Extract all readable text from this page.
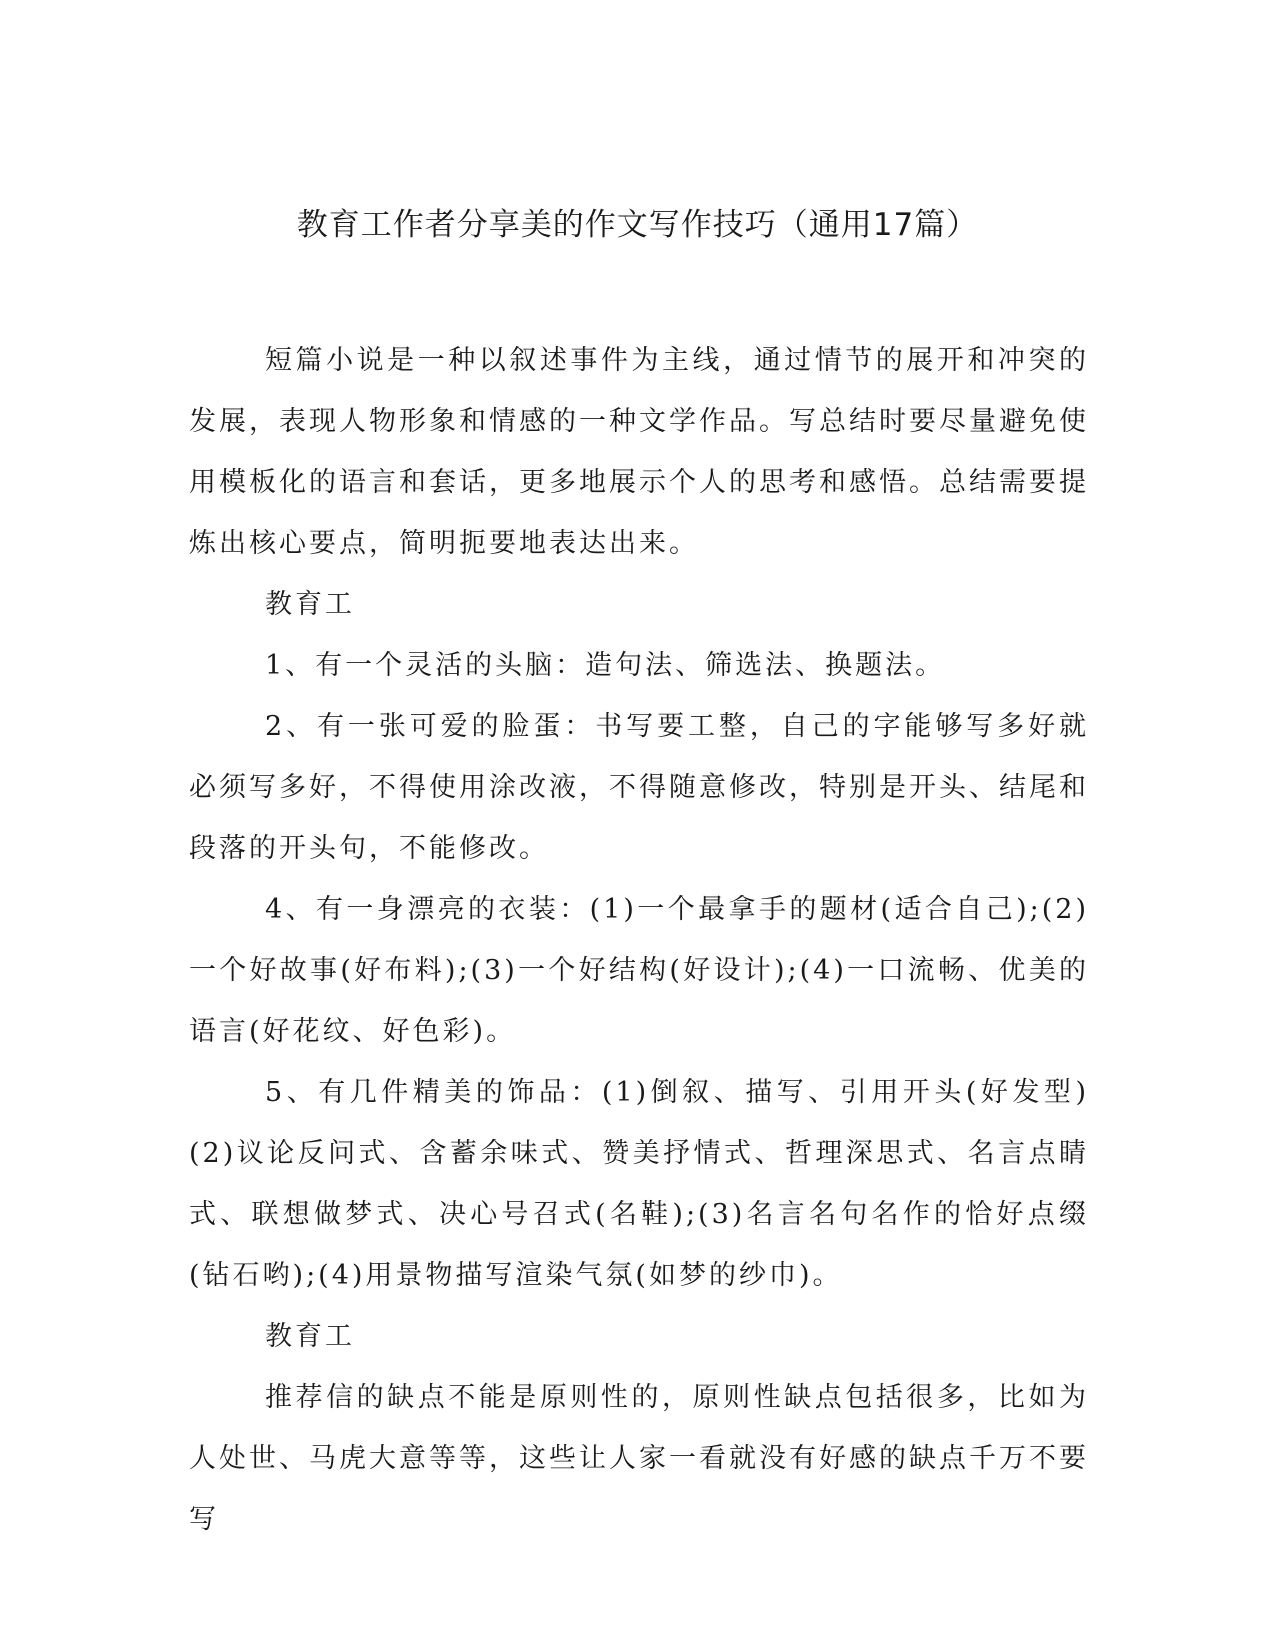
教育工作者分享美的作文写作技巧（通用17篇）

短篇小说是一种以叙述事件为主线，通过情节的展开和冲突的发展，表现人物形象和情感的一种文学作品。写总结时要尽量避免使用模板化的语言和套话，更多地展示个人的思考和感悟。总结需要提炼出核心要点，简明扼要地表达出来。

教育工

1、有一个灵活的头脑：造句法、筛选法、换题法。

2、有一张可爱的脸蛋：书写要工整，自己的字能够写多好就必须写多好，不得使用涂改液，不得随意修改，特别是开头、结尾和段落的开头句，不能修改。

4、有一身漂亮的衣装：(1)一个最拿手的题材(适合自己);(2)一个好故事(好布料);(3)一个好结构(好设计);(4)一口流畅、优美的语言(好花纹、好色彩)。

5、有几件精美的饰品：(1)倒叙、描写、引用开头(好发型)(2)议论反问式、含蓄余味式、赞美抒情式、哲理深思式、名言点睛式、联想做梦式、决心号召式(名鞋);(3)名言名句名作的恰好点缀(钻石哟);(4)用景物描写渲染气氛(如梦的纱巾)。

教育工

推荐信的缺点不能是原则性的，原则性缺点包括很多，比如为人处世、马虎大意等等，这些让人家一看就没有好感的缺点千万不要写
